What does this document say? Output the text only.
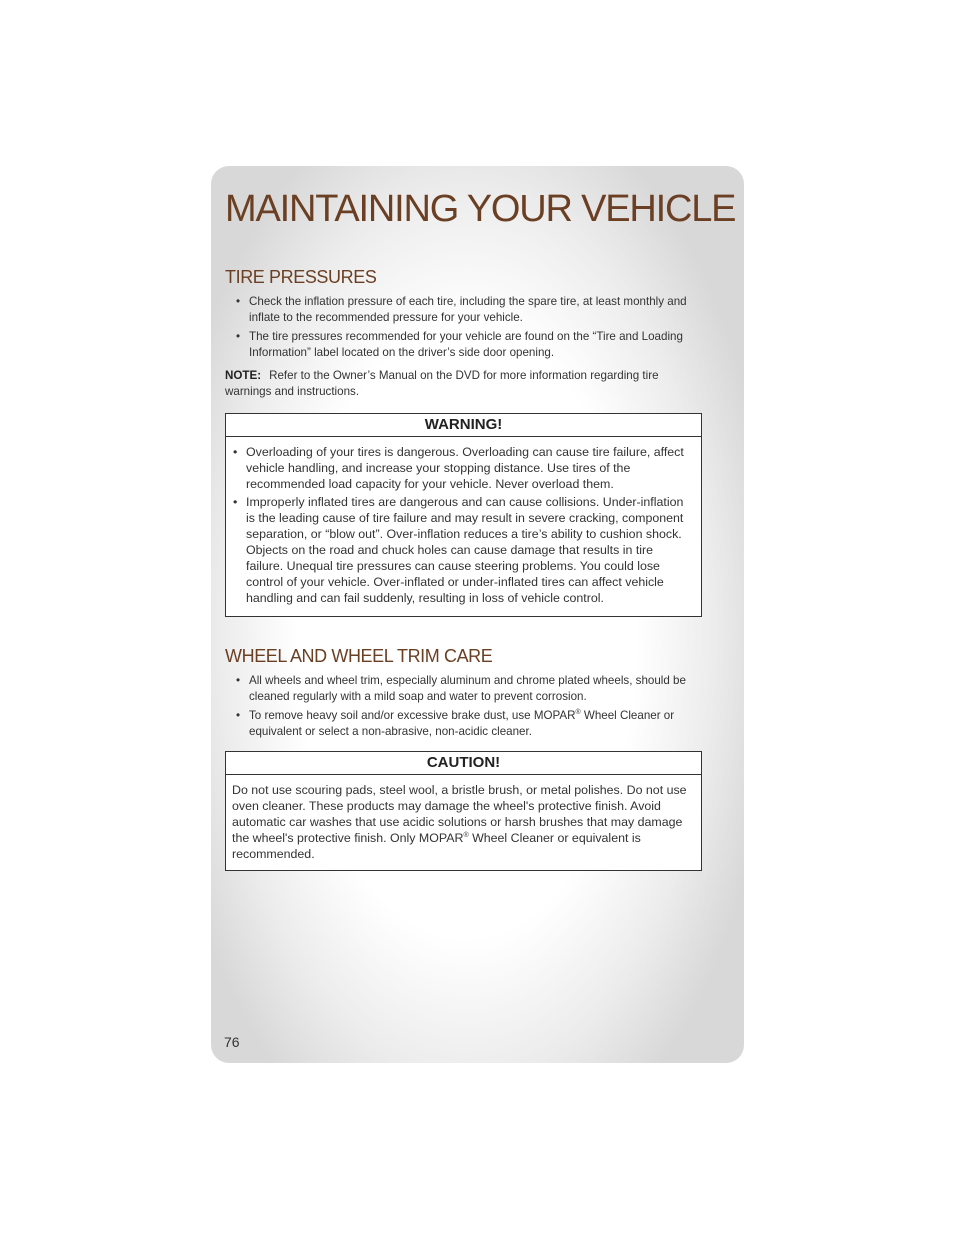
MAINTAINING YOUR VEHICLE
TIRE PRESSURES
• Check the inflation pressure of each tire, including the spare tire, at least monthly and inflate to the recommended pressure for your vehicle.
• The tire pressures recommended for your vehicle are found on the “Tire and Loading Information” label located on the driver’s side door opening.
NOTE: Refer to the Owner’s Manual on the DVD for more information regarding tire warnings and instructions.
WARNING!
• Overloading of your tires is dangerous. Overloading can cause tire failure, affect vehicle handling, and increase your stopping distance. Use tires of the recommended load capacity for your vehicle. Never overload them.
• Improperly inflated tires are dangerous and can cause collisions. Under-inflation is the leading cause of tire failure and may result in severe cracking, component separation, or “blow out”. Over-inflation reduces a tire’s ability to cushion shock. Objects on the road and chuck holes can cause damage that results in tire failure. Unequal tire pressures can cause steering problems. You could lose control of your vehicle. Over-inflated or under-inflated tires can affect vehicle handling and can fail suddenly, resulting in loss of vehicle control.
WHEEL AND WHEEL TRIM CARE
• All wheels and wheel trim, especially aluminum and chrome plated wheels, should be cleaned regularly with a mild soap and water to prevent corrosion.
• To remove heavy soil and/or excessive brake dust, use MOPAR® Wheel Cleaner or equivalent or select a non-abrasive, non-acidic cleaner.
CAUTION!
Do not use scouring pads, steel wool, a bristle brush, or metal polishes. Do not use oven cleaner. These products may damage the wheel's protective finish. Avoid automatic car washes that use acidic solutions or harsh brushes that may damage the wheel's protective finish. Only MOPAR® Wheel Cleaner or equivalent is recommended.
76
